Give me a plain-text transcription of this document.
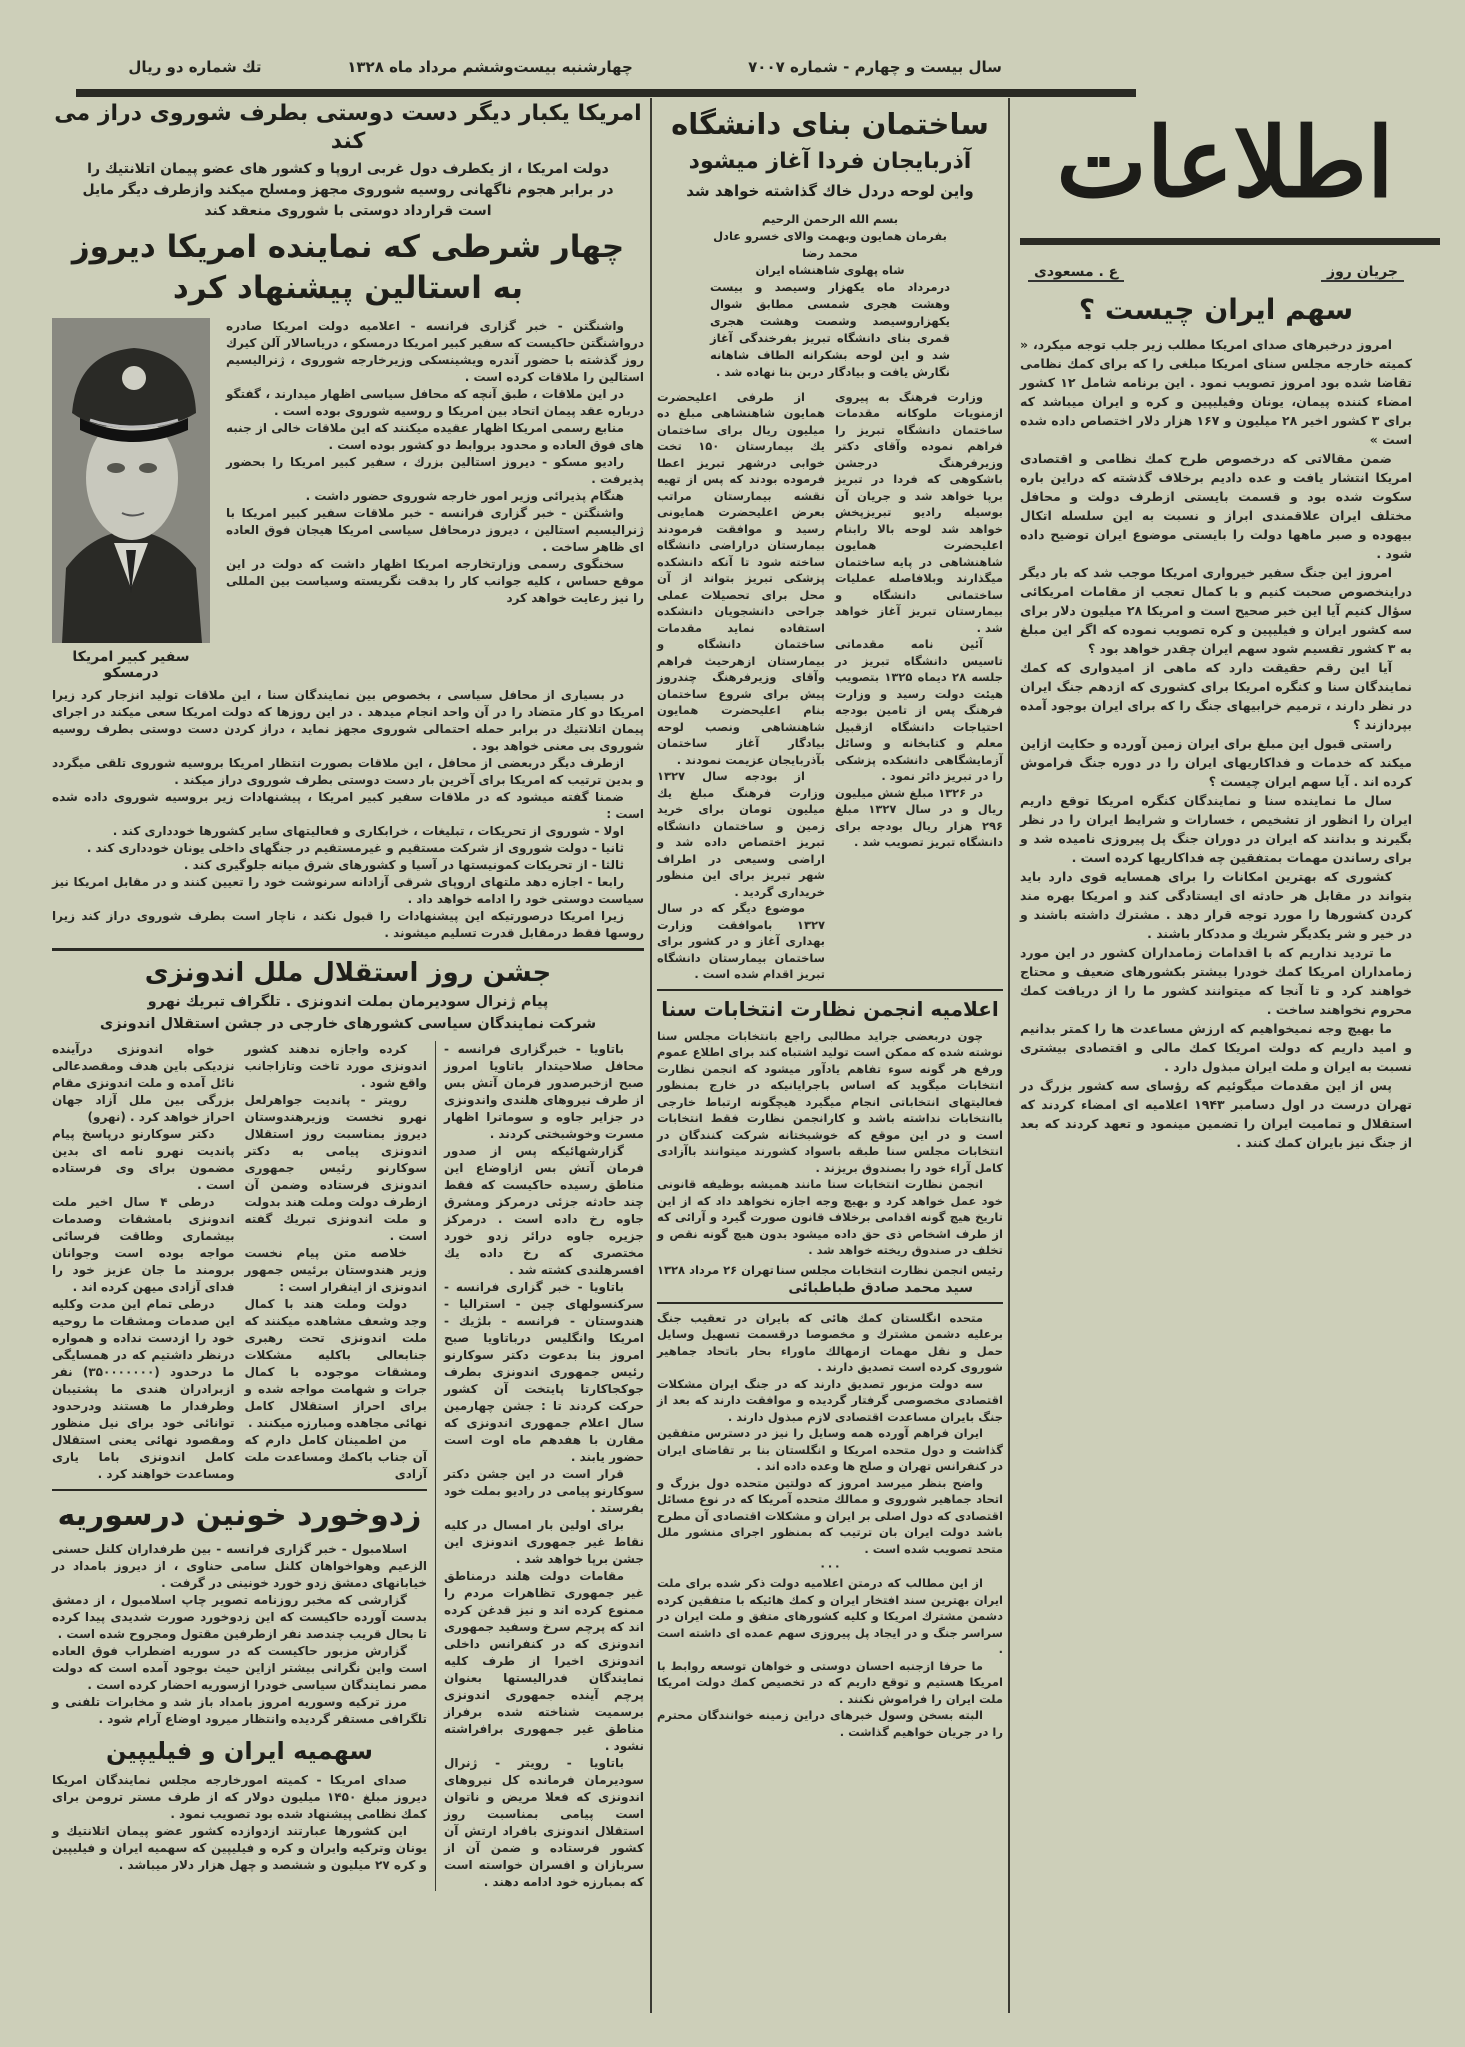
سال بیست و چهارم - شماره ۷۰۰۷
چهارشنبه بیست‌وششم مرداد ماه ۱۳۲۸
تك شماره دو ریال
اطلاعات
جریان روز
ع . مسعودی
سهم ایران چیست ؟

امروز درخبرهای صدای امریکا مطلب زیر جلب توجه میکرد، « کمیته خارجه مجلس سنای امریکا مبلغی را که برای کمك نظامی تقاضا شده بود امروز تصویب نمود . این برنامه شامل ۱۲ کشور امضاء کننده پیمان، یونان وفیلیپین و کره و ایران میباشد که برای ۳ کشور اخیر ۲۸ میلیون و ۱۶۷ هزار دلار اختصاص داده شده است »

ضمن مقالاتی که درخصوص طرح کمك نظامی و اقتصادی امریکا انتشار یافت و عده دادیم برخلاف گذشته که دراین باره سکوت شده بود و قسمت بایستی ازطرف دولت و محافل مختلف ایران علاقمندی ابراز و نسبت به این سلسله اتکال بیهوده و صبر ماهها دولت را بایستی موضوع ایران توضیح داده شود .

امروز این جنگ سفیر خیرواری امریکا موجب شد که بار دیگر دراینخصوص صحبت کنیم و با کمال تعجب از مقامات امریکائی سؤال کنیم آیا این خبر صحیح است و امریکا ۲۸ میلیون دلار برای سه کشور ایران و فیلیپین و کره تصویب نموده که اگر این مبلغ به ۳ کشور تقسیم شود سهم ایران چقدر خواهد بود ؟

آیا این رقم حقیقت دارد که ماهی از امیدواری که کمك نمایندگان سنا و کنگره امریکا برای کشوری که ازدهم جنگ ایران در نظر دارند ، ترمیم خرابیهای جنگ را که برای ایران بوجود آمده بپردازند ؟

راستی قبول این مبلغ برای ایران زمین آورده و حکایت ازاین میکند که خدمات و فداکاریهای ایران را در دوره جنگ فراموش کرده اند . آیا سهم ایران چیست ؟

سال ما نماینده سنا و نمایندگان کنگره امریکا توقع داریم ایران را انظور از تشخیص ، خسارات و شرایط ایران را در نظر بگیرند و بدانند که ایران در دوران جنگ پل پیروزی نامیده شد و برای رساندن مهمات بمتفقین چه فداکاریها کرده است .

کشوری که بهترین امکانات را برای همسایه قوی دارد باید بتواند در مقابل هر حادثه ای ایستادگی کند و امریکا بهره مند کردن کشورها را مورد توجه قرار دهد . مشترك داشته باشند و در خیر و شر یکدیگر شریك و مددکار باشند .

ما تردید نداریم که با اقدامات زمامداران کشور در این مورد زمامداران امریکا کمك خودرا بیشتر بکشورهای ضعیف و محتاج خواهند کرد و تا آنجا که میتوانند کشور ما را از دریافت کمك محروم نخواهند ساخت .

ما بهیچ وجه نمیخواهیم که ارزش مساعدت ها را کمتر بدانیم و امید داریم که دولت امریکا کمك مالی و اقتصادی بیشتری نسبت به ایران و ملت ایران مبذول دارد .

پس از این مقدمات میگوئیم که رؤسای سه کشور بزرگ در تهران درست در اول دسامبر ۱۹۴۳ اعلامیه ای امضاء کردند که استقلال و تمامیت ایران را تضمین مینمود و تعهد کردند که بعد از جنگ نیز بایران کمك کنند .

ساختمان بنای دانشگاه
آذربایجان فردا آغاز میشود
واین لوحه دردل خاك گذاشته خواهد شد
بسم الله الرحمن الرحیم
بفرمان همایون وبهمت والای خسرو عادل محمد رضا
شاه پهلوی شاهنشاه ایران
درمرداد ماه یکهزار وسیصد و بیست وهشت هجری شمسی مطابق شوال یکهزاروسیصد وشصت وهشت هجری قمری بنای دانشگاه تبریز بفرخندگی آغاز شد و این لوحه بشکرانه الطاف شاهانه نگارش یافت و بیادگار دربن بنا نهاده شد .

وزارت فرهنگ به پیروی ازمنویات ملوکانه مقدمات ساختمان دانشگاه تبریز را فراهم نموده وآقای دکتر وزیرفرهنگ درجشن باشکوهی که فردا در تبریز برپا خواهد شد و جریان آن بوسیله رادیو تبریزپخش خواهد شد لوحه بالا رابنام اعلیحضرت همایون شاهنشاهی در پایه ساختمان میگذارند وبلافاصله عملیات ساختمانی دانشگاه و بیمارستان تبریز آغاز خواهد شد .

آئین نامه مقدماتی تاسیس دانشگاه تبریز در جلسه ۲۸ دیماه ۱۳۲۵ بتصویب هیئت دولت رسید و وزارت فرهنگ پس از تامین بودجه احتیاجات دانشگاه ازقبیل معلم و کتابخانه و وسائل آزمایشگاهی دانشکده پزشکی را در تبریز دائر نمود .

در ۱۳۲۶ مبلغ شش میلیون ریال و در سال ۱۳۲۷ مبلغ ۲۹۶ هزار ریال بودجه برای دانشگاه تبریز تصویب شد .

از طرفی اعلیحضرت همایون شاهنشاهی مبلغ ده میلیون ریال برای ساختمان یك بیمارستان ۱۵۰ تخت خوابی درشهر تبریز اعطا فرموده بودند که پس از تهیه نقشه بیمارستان مراتب بعرض اعلیحضرت همایونی رسید و موافقت فرمودند بیمارستان دراراضی دانشگاه ساخته شود تا آنکه دانشکده پزشکی تبریز بتواند از آن محل برای تحصیلات عملی جراحی دانشجویان دانشکده استفاده نماید مقدمات ساختمان دانشگاه و بیمارستان ازهرحیث فراهم وآقای وزیرفرهنگ چندروز پیش برای شروع ساختمان بنام اعلیحضرت همایون شاهنشاهی ونصب لوحه بیادگار آغاز ساختمان بآذربایجان عزیمت نمودند .

از بودجه سال ۱۳۲۷ وزارت فرهنگ مبلغ یك میلیون تومان برای خرید زمین و ساختمان دانشگاه تبریز اختصاص داده شد و اراضی وسیعی در اطراف شهر تبریز برای این منظور خریداری گردید .

موضوع دیگر که در سال ۱۳۲۷ باموافقت وزارت بهداری آغاز و در کشور برای ساختمان بیمارستان دانشگاه تبریز اقدام شده است .

اعلامیه انجمن نظارت انتخابات سنا

چون دربعضی جراید مطالبی راجع بانتخابات مجلس سنا نوشته شده که ممکن است تولید اشتباه کند برای اطلاع عموم ورفع هر گونه سوء تفاهم یادآور میشود که انجمن نظارت انتخابات میگوید که اساس باجرایانیکه در خارج بمنظور فعالیتهای انتخاباتی انجام میگیرد هیچگونه ارتباط خارجی باانتخابات نداشته باشد و کارانجمن نظارت فقط انتخابات است و در این موقع که خوشبختانه شرکت کنندگان در انتخابات مجلس سنا طبقه باسواد کشورند میتوانند باآزادی کامل آراء خود را بصندوق بریزند .

انجمن نظارت انتخابات سنا مانند همیشه بوظیفه قانونی خود عمل خواهد کرد و بهیچ وجه اجازه نخواهد داد که از این تاریخ هیچ گونه اقدامی برخلاف قانون صورت گیرد و آرائی که از طرف اشخاص ذی حق داده میشود بدون هیچ گونه نقص و تخلف در صندوق ریخته خواهد شد .

رئیس انجمن نظارت انتخابات مجلس سنا
تهران ۲۶ مرداد ۱۳۲۸
سید محمد صادق طباطبائی

متحده انگلستان کمك هائی که بایران در تعقیب جنگ برعلیه دشمن مشترك و مخصوصا درقسمت تسهیل وسایل حمل و نقل مهمات ازمهالك ماوراء بحار باتحاد جماهیر شوروی کرده است تصدیق دارند .

سه دولت مزبور تصدیق دارند که در جنگ ایران مشکلات اقتصادی مخصوصی گرفتار گردیده و موافقت دارند که بعد از جنگ بایران مساعدت اقتصادی لازم مبذول دارند .

ایران فراهم آورده همه وسایل را نیز در دسترس متفقین گذاشت و دول متحده امریکا و انگلستان بنا بر تقاضای ایران در کنفرانس تهران و صلح ها وعده داده اند .

واضح بنظر میرسد امروز که دولتین متحده دول بزرگ و اتحاد جماهیر شوروی و ممالك متحده آمریکا که در نوع مسائل اقتصادی که دول اصلی بر ایران و مشکلات اقتصادی آن مطرح باشد دولت ایران بان ترتیب که بمنظور اجرای منشور ملل متحد تصویب شده است .

۰۰۰

از این مطالب که درمتن اعلامیه دولت ذکر شده برای ملت ایران بهترین سند افتخار ایران و کمك هائیکه با متفقین کرده دشمن مشترك امریکا و کلیه کشورهای متفق و ملت ایران در سراسر جنگ و در ایجاد پل پیروزی سهم عمده ای داشته است .

ما حرفا ازجنبه احسان دوستی و خواهان توسعه روابط با امریکا هستیم و توقع داریم که در تخصیص کمك دولت امریکا ملت ایران را فراموش نکنند .

البته بسخن وسول خبرهای دراین زمینه خوانندگان محترم را در جریان خواهیم گذاشت .

امریکا یکبار دیگر دست دوستی بطرف شوروی دراز می کند
دولت امریکا ، از یکطرف دول غربی اروپا و کشور های عضو پیمان اتلانتیك را
در برابر هجوم ناگهانی روسیه شوروی مجهز ومسلح میکند وازطرف دیگر مایل
است قرارداد دوستی با شوروی منعقد کند
چهار شرطی که نماینده امریکا دیروز
به استالین پیشنهاد کرد

واشنگتن - خبر گزاری فرانسه - اعلامیه دولت امریکا صادره درواشنگتن حاکیست که سفیر کبیر امریکا درمسکو ، دریاسالار آلن کیرك روز گذشته با حضور آندره ویشینسکی وزیرخارجه شوروی ، ژنرالیسیم استالین را ملاقات کرده است .

در این ملاقات ، طبق آنچه که محافل سیاسی اظهار میدارند ، گفتگو درباره عقد پیمان اتحاد بین امریکا و روسیه شوروی بوده است .

منابع رسمی امریکا اظهار عقیده میکنند که این ملاقات خالی از جنبه های فوق العاده و محدود بروابط دو کشور بوده است .

رادیو مسکو - دیروز استالین بزرك ، سفیر کبیر امریکا را بحضور پذیرفت .

هنگام پذیرائی وزیر امور خارجه شوروی حضور داشت .

واشنگتن - خبر گزاری فرانسه - خبر ملاقات سفیر کبیر امریکا با ژنرالیسیم استالین ، دیروز درمحافل سیاسی امریکا هیجان فوق العاده ای ظاهر ساخت .

سخنگوی رسمی وزارتخارجه امریکا اظهار داشت که دولت در این موقع حساس ، کلیه جوانب کار را بدقت نگریسته وسیاست بین المللی را نیز رعایت خواهد کرد

سفیر کبیر امریکا درمسکو

در بسیاری از محافل سیاسی ، بخصوص بین نمایندگان سنا ، این ملاقات تولید انزجار کرد زیرا امریکا دو کار متضاد را در آن واحد انجام میدهد . در این روزها که دولت امریکا سعی میکند در اجرای پیمان اتلانتیك در برابر حمله احتمالی شوروی مجهز نماید ، دراز کردن دست دوستی بطرف روسیه شوروی بی معنی خواهد بود .

ازطرف دیگر دربعضی از محافل ، این ملاقات بصورت انتظار امریکا بروسیه شوروی تلقی میگردد و بدین ترتیب که امریکا برای آخرین بار دست دوستی بطرف شوروی دراز میکند .

ضمنا گفته میشود که در ملاقات سفیر کبیر امریکا ، پیشنهادات زیر بروسیه شوروی داده شده است :

اولا - شوروی از تحریکات ، تبلیغات ، خرابکاری و فعالیتهای سایر کشورها خودداری کند .

ثانیا - دولت شوروی از شرکت مستقیم و غیرمستقیم در جنگهای داخلی یونان خودداری کند .

ثالثا - از تحریکات کمونیستها در آسیا و کشورهای شرق میانه جلوگیری کند .

رابعا - اجازه دهد ملتهای اروپای شرقی آزادانه سرنوشت خود را تعیین کنند و در مقابل امریکا نیز سیاست دوستی خود را ادامه خواهد داد .

زیرا امریکا درصورتیکه این پیشنهادات را قبول نکند ، ناچار است بطرف شوروی دراز کند زیرا روسها فقط درمقابل قدرت تسلیم میشوند .

جشن روز استقلال ملل اندونزی
پیام ژنرال سودیرمان بملت اندونزی . تلگراف تبریك نهرو
شرکت نمایندگان سیاسی کشورهای خارجی در جشن استقلال اندونزی

باتاویا - خبرگزاری فرانسه - محافل صلاحیتدار باتاویا امروز صبح ازخبرصدور فرمان آتش بس از طرف نیروهای هلندی واندونزی در جزایر جاوه و سوماترا اظهار مسرت وخوشبختی کردند .

گزارشهائیکه پس از صدور فرمان آتش بس ازاوضاع این مناطق رسیده حاکیست که فقط چند حادثه جزئی درمرکز ومشرق جاوه رخ داده است . درمرکز جزیره جاوه درائر زدو خورد مختصری که رخ داده یك افسرهلندی کشته شد .

باتاویا - خبر گزاری فرانسه - سرکنسولهای چین - استرالیا - هندوستان - فرانسه - بلژیك - امریکا وانگلیس درباتاویا صبح امروز بنا بدعوت دکتر سوکارنو رئیس جمهوری اندونزی بطرف جوکجاکارتا پایتخت آن کشور حرکت کردند تا : جشن چهارمین سال اعلام جمهوری اندونزی که مقارن با هفدهم ماه اوت است حضور یابند .

قرار است در این جشن دکتر سوکارنو پیامی در رادیو بملت خود بفرستد .

برای اولین بار امسال در کلیه نقاط غیر جمهوری اندونزی این جشن برپا خواهد شد .

مقامات دولت هلند درمناطق غیر جمهوری تظاهرات مردم را ممنوع کرده اند و نیز قدغن کرده اند که پرچم سرخ وسفید جمهوری اندونزی که در کنفرانس داخلی اندونزی اخیرا از طرف کلیه نمایندگان فدرالیستها بعنوان پرچم آینده جمهوری اندونزی برسمیت شناخته شده برفراز مناطق غیر جمهوری برافراشته نشود .

باتاویا - رویتر - ژنرال سودیرمان فرمانده کل نیروهای اندونزی که فعلا مریض و ناتوان است پیامی بمناسبت روز استقلال اندونزی بافراد ارتش آن کشور فرستاده و ضمن آن از سربازان و افسران خواسته است که بمبارزه خود ادامه دهند .

کرده واجازه ندهند کشور اندونزی مورد تاخت وتازاجانب واقع شود .

رویتر - پاندیت جواهرلعل نهرو نخست وزیرهندوستان دیروز بمناسبت روز استقلال اندونزی پیامی به دکتر سوکارنو رئیس جمهوری اندونزی فرستاده وضمن آن ازطرف دولت وملت هند بدولت و ملت اندونزی تبریك گفته است .

خلاصه متن پیام نخست وزیر هندوستان برئیس جمهور اندونزی از اینقرار است :

دولت وملت هند با کمال وجد وشعف مشاهده میکنند که ملت اندونزی تحت رهبری جنابعالی باکلیه مشکلات ومشقات موجوده با کمال جرات و شهامت مواجه شده و برای احراز استقلال کامل نهائی مجاهده ومبارزه میکنند .

من اطمینان کامل دارم که آن جناب باکمك ومساعدت ملت آزادی

خواه اندونزی درآینده نزدیکی باین هدف ومقصدعالی نائل آمده و ملت اندونزی مقام بزرگی بین ملل آزاد جهان احراز خواهد کرد . (نهرو)

دکتر سوکارنو درپاسخ پیام پاندیت نهرو نامه ای بدین مضمون برای وی فرستاده است .

درطی ۴ سال اخیر ملت اندونزی بامشقات وصدمات بیشماری وطاقت فرسائی مواجه بوده است وجوانان برومند ما جان عزیز خود را فدای آزادی میهن کرده اند .

درطی تمام این مدت وکلیه این صدمات ومشقات ما روحیه خود را ازدست نداده و همواره درنظر داشتیم که در همسایگی ما درحدود (۳۵۰۰۰۰۰۰۰) نفر ازبرادران هندی ما پشتیبان وطرفدار ما هستند ودرحدود توانائی خود برای نیل منظور ومقصود نهائی یعنی استقلال کامل اندونزی باما یاری ومساعدت خواهند کرد .

زدوخورد خونین درسوریه

اسلامبول - خبر گزاری فرانسه - بین طرفداران کلنل حسنی الزعیم وهواخواهان کلنل سامی حناوی ، از دیروز بامداد در خیابانهای دمشق زدو خورد خونینی در گرفت .

گزارشی که مخبر روزنامه تصویر چاپ اسلامبول ، از دمشق بدست آورده حاکیست که این زدوخورد صورت شدیدی پیدا کرده تا بحال قریب چندصد نفر ازطرفین مقتول ومجروح شده است .

گزارش مزبور حاکیست که در سوریه اضطراب فوق العاده است واین نگرانی بیشتر ازاین حیث بوجود آمده است که دولت مصر نمایندگان سیاسی خودرا ازسوریه احضار کرده است .

مرز ترکیه وسوریه امروز بامداد باز شد و مخابرات تلفنی و تلگرافی مستقر گردیده وانتظار میرود اوضاع آرام شود .

سهمیه ایران و فیلیپین

صدای امریکا - کمیته امورخارجه مجلس نمایندگان امریکا دیروز مبلغ ۱۴۵۰ میلیون دولار که از طرف مستر ترومن برای کمك نظامی پیشنهاد شده بود تصویب نمود .

این کشورها عبارتند ازدوازده کشور عضو پیمان اتلانتیك و یونان وترکیه وایران و کره و فیلیپین که سهمیه ایران و فیلیپین و کره ۲۷ میلیون و ششصد و چهل هزار دلار میباشد .
